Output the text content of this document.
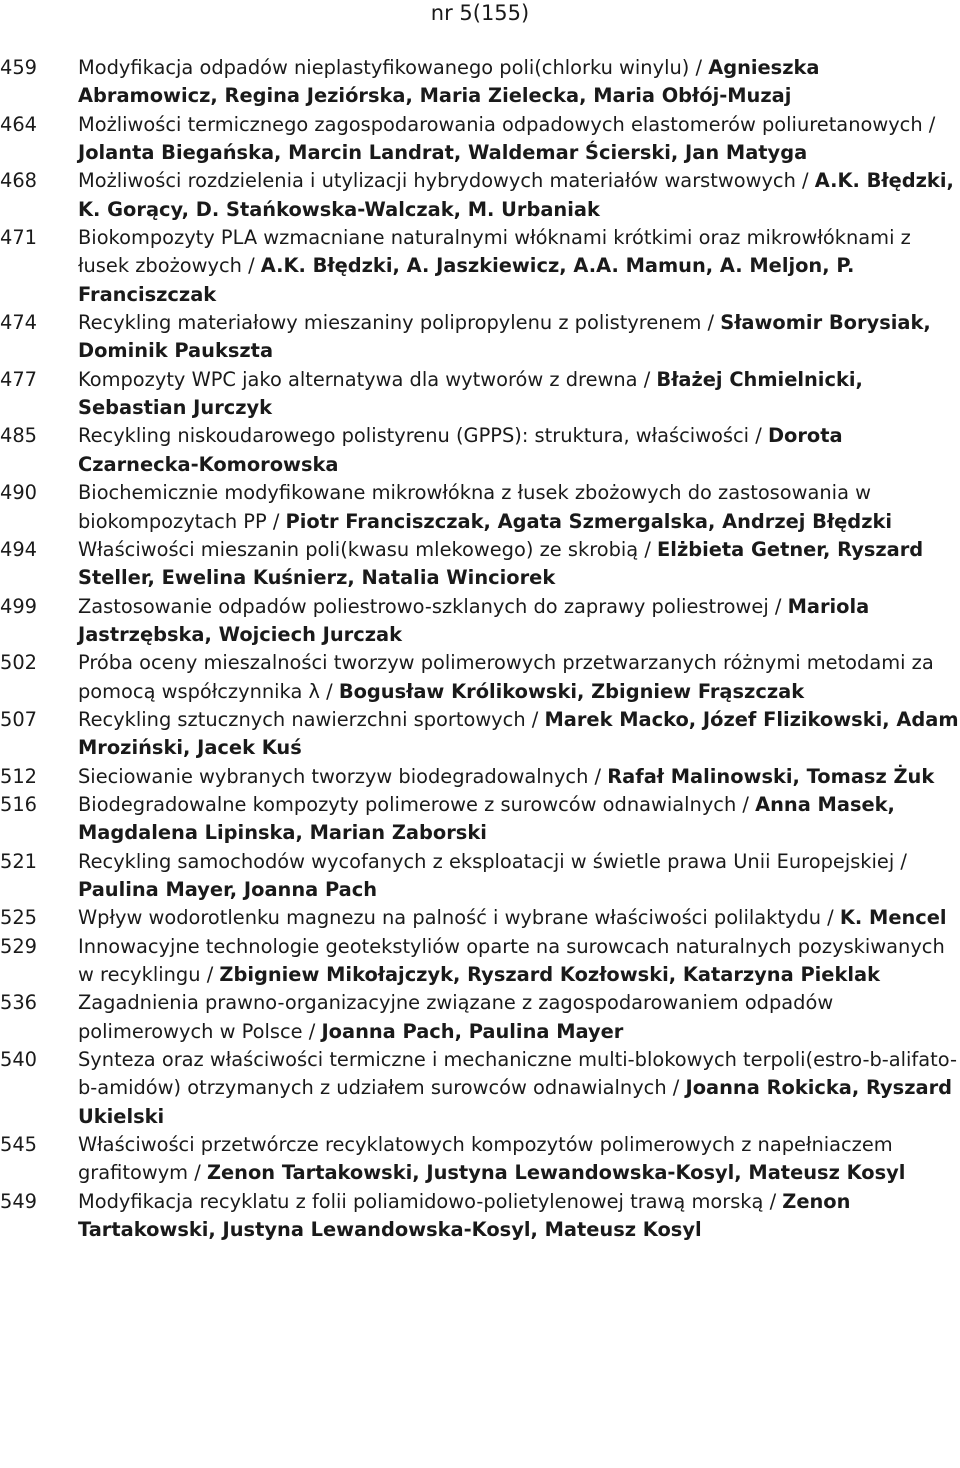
nr 5(155)
459	Modyfikacja odpadów nieplastyfikowanego poli(chlorku winylu) / Agnieszka Abramowicz, Regina Jeziórska, Maria Zielecka, Maria Obłój-Muzaj
464	Możliwości termicznego zagospodarowania odpadowych elastomerów poliuretanowych / Jolanta Biegańska, Marcin Landrat, Waldemar Ścierski, Jan Matyga
468	Możliwości rozdzielenia i utylizacji hybrydowych materiałów warstwowych / A.K. Błędzki, K. Gorący, D. Stańkowska-Walczak, M. Urbaniak
471	Biokompozyty PLA wzmacniane naturalnymi włóknami krótkimi oraz mikrowłóknami z łusek zbożowych / A.K. Błędzki, A. Jaszkiewicz, A.A. Mamun, A. Meljon, P. Franciszczak
474	Recykling materiałowy mieszaniny polipropylenu z polistyrenem / Sławomir Borysiak, Dominik Paukszta
477	Kompozyty WPC jako alternatywa dla wytworów z drewna / Błażej Chmielnicki, Sebastian Jurczyk
485	Recykling niskoudarowego polistyrenu (GPPS): struktura, właściwości / Dorota Czarnecka-Komorowska
490	Biochemicznie modyfikowane mikrowłókna z łusek zbożowych do zastosowania w biokompozytach PP / Piotr Franciszczak, Agata Szmergalska, Andrzej Błędzki
494	Właściwości mieszanin poli(kwasu mlekowego) ze skrobią / Elżbieta Getner, Ryszard Steller, Ewelina Kuśnierz, Natalia Winciorek
499	Zastosowanie odpadów poliestrowo-szklanych do zaprawy poliestrowej / Mariola Jastrzębska, Wojciech Jurczak
502	Próba oceny mieszalności tworzyw polimerowych przetwarzanych różnymi metodami za pomocą współczynnika λ / Bogusław Królikowski, Zbigniew Frąszczak
507	Recykling sztucznych nawierzchni sportowych / Marek Macko, Józef Flizikowski, Adam Mroziński, Jacek Kuś
512	Sieciowanie wybranych tworzyw biodegradowalnych / Rafał Malinowski, Tomasz Żuk
516	Biodegradowalne kompozyty polimerowe z surowców odnawialnych / Anna Masek, Magdalena Lipinska, Marian Zaborski
521	Recykling samochodów wycofanych z eksploatacji w świetle prawa Unii Europejskiej / Paulina Mayer, Joanna Pach
525	Wpływ wodorotlenku magnezu na palność i wybrane właściwości polilaktydu / K. Mencel
529	Innowacyjne technologie geotekstyliów oparte na surowcach naturalnych pozyskiwanych w recyklingu / Zbigniew Mikołajczyk, Ryszard Kozłowski, Katarzyna Pieklak
536	Zagadnienia prawno-organizacyjne związane z zagospodarowaniem odpadów polimerowych w Polsce / Joanna Pach, Paulina Mayer
540	Synteza oraz właściwości termiczne i mechaniczne multi-blokowych terpoli(estro-b-alifato-b-amidów) otrzymanych z udziałem surowców odnawialnych / Joanna Rokicka, Ryszard Ukielski
545	Właściwości przetwórcze recyklatowych kompozytów polimerowych z napełniaczem grafitowym / Zenon Tartakowski, Justyna Lewandowska-Kosyl, Mateusz Kosyl
549	Modyfikacja recyklatu z folii poliamidowo-polietylenowej trawą morską / Zenon Tartakowski, Justyna Lewandowska-Kosyl, Mateusz Kosyl
